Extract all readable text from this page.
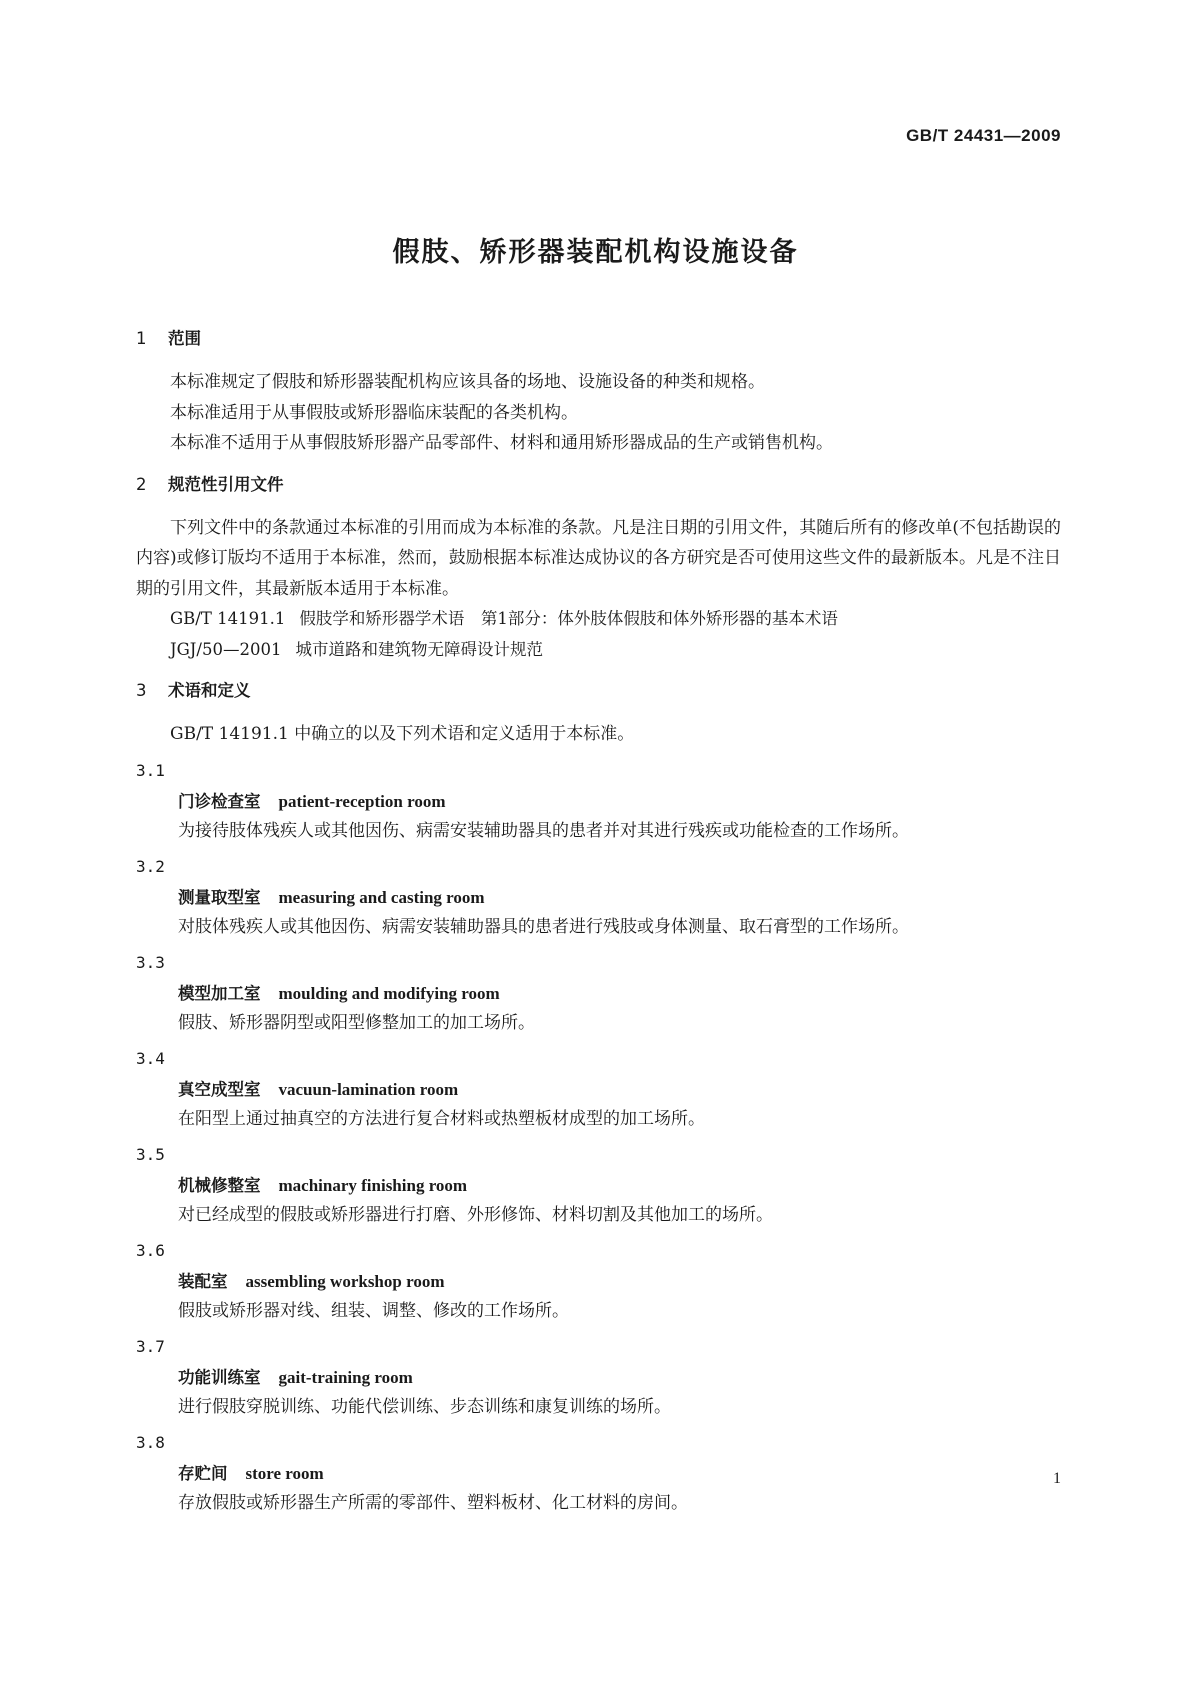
GB/T 24431—2009
假肢、矫形器装配机构设施设备
1 范围

本标准规定了假肢和矫形器装配机构应该具备的场地、设施设备的种类和规格。

本标准适用于从事假肢或矫形器临床装配的各类机构。

本标准不适用于从事假肢矫形器产品零部件、材料和通用矫形器成品的生产或销售机构。

2 规范性引用文件

下列文件中的条款通过本标准的引用而成为本标准的条款。凡是注日期的引用文件，其随后所有的修改单(不包括勘误的内容)或修订版均不适用于本标准，然而，鼓励根据本标准达成协议的各方研究是否可使用这些文件的最新版本。凡是不注日期的引用文件，其最新版本适用于本标准。

GB/T 14191.1 假肢学和矫形器学术语　第1部分：体外肢体假肢和体外矫形器的基本术语
JGJ/50—2001 城市道路和建筑物无障碍设计规范
3 术语和定义

GB/T 14191.1 中确立的以及下列术语和定义适用于本标准。

3.1
门诊检查室 patient-reception room
为接待肢体残疾人或其他因伤、病需安装辅助器具的患者并对其进行残疾或功能检查的工作场所。
3.2
测量取型室 measuring and casting room
对肢体残疾人或其他因伤、病需安装辅助器具的患者进行残肢或身体测量、取石膏型的工作场所。
3.3
模型加工室 moulding and modifying room
假肢、矫形器阴型或阳型修整加工的加工场所。
3.4
真空成型室 vacuun-lamination room
在阳型上通过抽真空的方法进行复合材料或热塑板材成型的加工场所。
3.5
机械修整室 machinary finishing room
对已经成型的假肢或矫形器进行打磨、外形修饰、材料切割及其他加工的场所。
3.6
装配室 assembling workshop room
假肢或矫形器对线、组装、调整、修改的工作场所。
3.7
功能训练室 gait-training room
进行假肢穿脱训练、功能代偿训练、步态训练和康复训练的场所。
3.8
存贮间 store room
存放假肢或矫形器生产所需的零部件、塑料板材、化工材料的房间。
1
